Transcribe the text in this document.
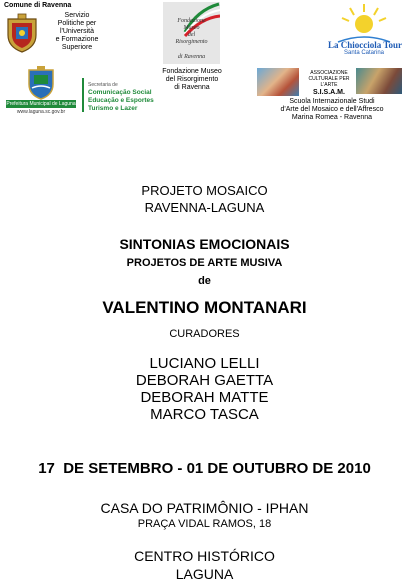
Comune di Ravenna
Servizio
Politiche per
l'Università
e Formazione
Superiore
Fondazione
Museo
del
Risorgimento
di Ravenna
Fondazione Museo
del Risorgimento
di Ravenna
La Chiocciola Tour
Santa Catarina
Prefeitura Municipal de Laguna
www.laguna.sc.gov.br
Secretaria de
Comunicação Social
Educação e Esportes
Turismo e Lazer
ASSOCIAZIONE
CULTURALE PER L'ARTE
S.I.S.A.M.
Scuola Internazionale Studi
d'Arte del Mosaico e dell'Affresco
Marina Romea - Ravenna
PROJETO MOSAICO
RAVENNA-LAGUNA
SINTONIAS EMOCIONAIS
PROJETOS DE ARTE MUSIVA
de
VALENTINO MONTANARI
CURADORES
LUCIANO LELLI
DEBORAH GAETTA
DEBORAH MATTE
MARCO TASCA
17  DE SETEMBRO - 01 DE OUTUBRO DE 2010
CASA DO PATRIMÔNIO - IPHAN
PRAÇA VIDAL RAMOS, 18
CENTRO HISTÓRICO
LAGUNA
